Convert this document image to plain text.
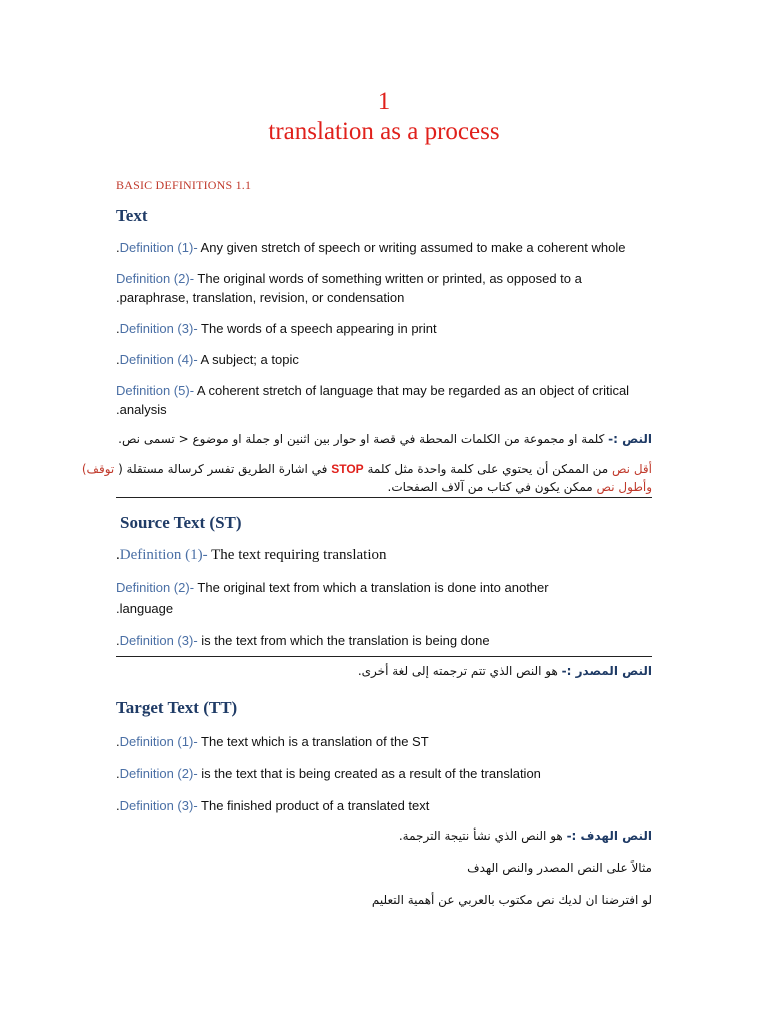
1
translation as a process
BASIC DEFINITIONS 1.1
Text
.Definition (1)- Any given stretch of speech or writing assumed to make a coherent whole
Definition (2)- The original words of something written or printed, as opposed to a
.paraphrase, translation, revision, or condensation
.Definition (3)- The words of a speech appearing in print
.Definition (4)- A subject; a topic
Definition (5)- A coherent stretch of language that may be regarded as an object of critical
.analysis
النص :- كلمة او مجموعة من الكلمات المحطة في قصة او حوار بين اثنين او جملة او موضوع < تسمى نص.
أقل نص من الممكن أن يحتوي على كلمة واحدة مثل كلمة STOP في اشارة الطريق تفسر كرسالة مستقلة ( توقف)
وأطول نص ممكن يكون في كتاب من آلاف الصفحات.
Source Text (ST)
.Definition (1)- The text requiring translation
Definition (2)- The original text from which a translation is done into another
.language
.Definition (3)- is the text from which the translation is being done
النص المصدر :- هو النص الذي تتم ترجمته إلى لغة أخرى.
Target Text (TT)
.Definition (1)- The text which is a translation of the ST
.Definition (2)- is the text that is being created as a result of the translation
.Definition (3)- The finished product of a translated text
النص الهدف :- هو النص الذي نشأ نتيجة الترجمة.
مثالاً على النص المصدر والنص الهدف
لو افترضنا ان لديك نص مكتوب بالعربي عن أهمية التعليم
